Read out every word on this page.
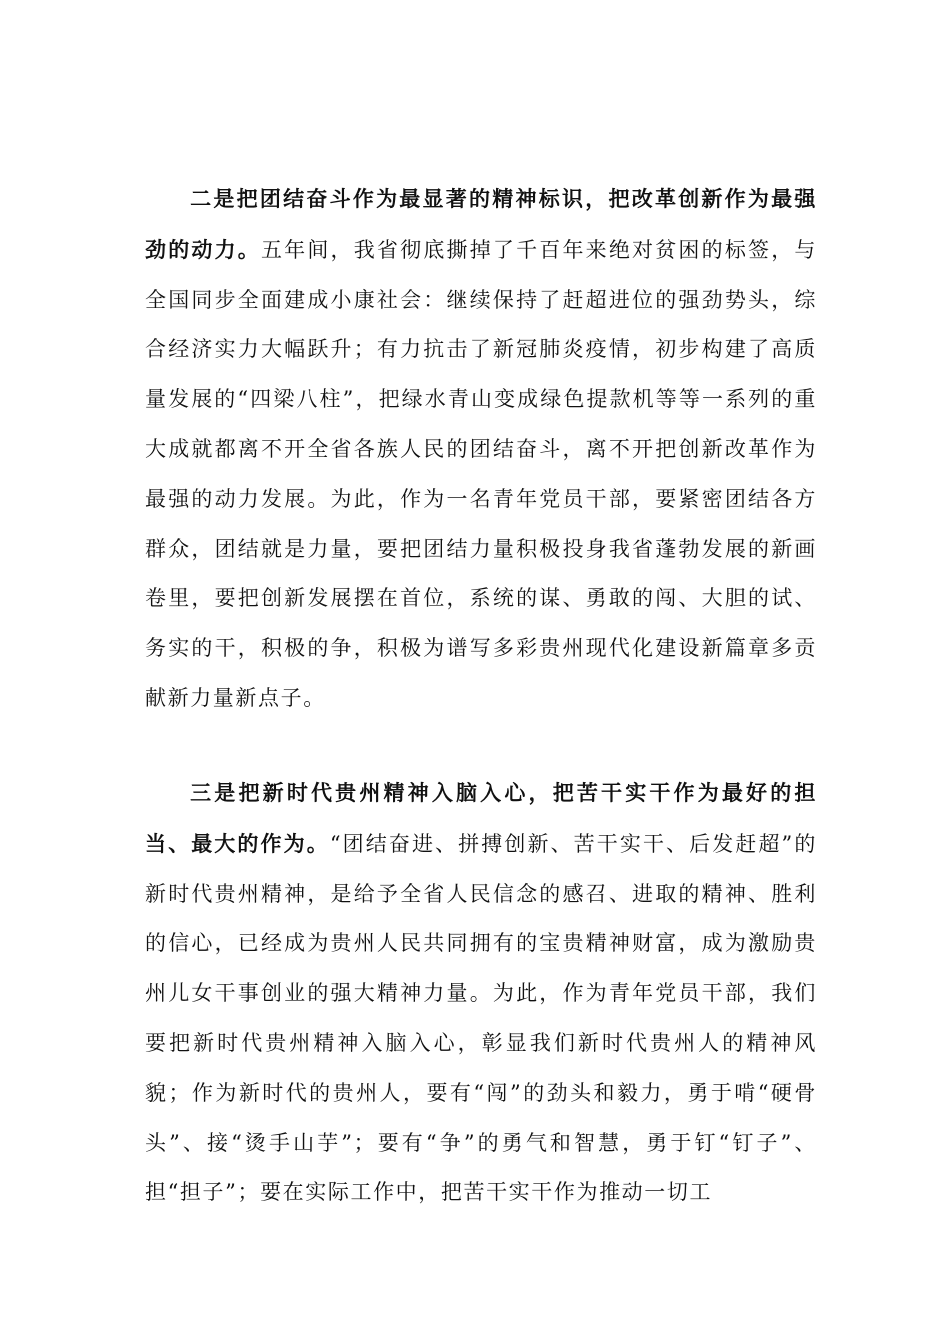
二是把团结奋斗作为最显著的精神标识，把改革创新作为最强劲的动力。五年间，我省彻底撕掉了千百年来绝对贫困的标签，与全国同步全面建成小康社会：继续保持了赶超进位的强劲势头，综合经济实力大幅跃升；有力抗击了新冠肺炎疫情，初步构建了高质量发展的“四梁八柱”，把绿水青山变成绿色提款机等等一系列的重大成就都离不开全省各族人民的团结奋斗，离不开把创新改革作为最强的动力发展。为此，作为一名青年党员干部，要紧密团结各方群众，团结就是力量，要把团结力量积极投身我省蓬勃发展的新画卷里，要把创新发展摆在首位，系统的谋、勇敢的闯、大胆的试、务实的干，积极的争，积极为谱写多彩贵州现代化建设新篇章多贡献新力量新点子。

三是把新时代贵州精神入脑入心，把苦干实干作为最好的担当、最大的作为。“团结奋进、拼搏创新、苦干实干、后发赶超”的新时代贵州精神，是给予全省人民信念的感召、进取的精神、胜利的信心，已经成为贵州人民共同拥有的宝贵精神财富，成为激励贵州儿女干事创业的强大精神力量。为此，作为青年党员干部，我们要把新时代贵州精神入脑入心，彰显我们新时代贵州人的精神风貌；作为新时代的贵州人，要有“闯”的劲头和毅力，勇于啃“硬骨头”、接“烫手山芋”；要有“争”的勇气和智慧，勇于钉“钉子”、担“担子”；要在实际工作中，把苦干实干作为推动一切工
